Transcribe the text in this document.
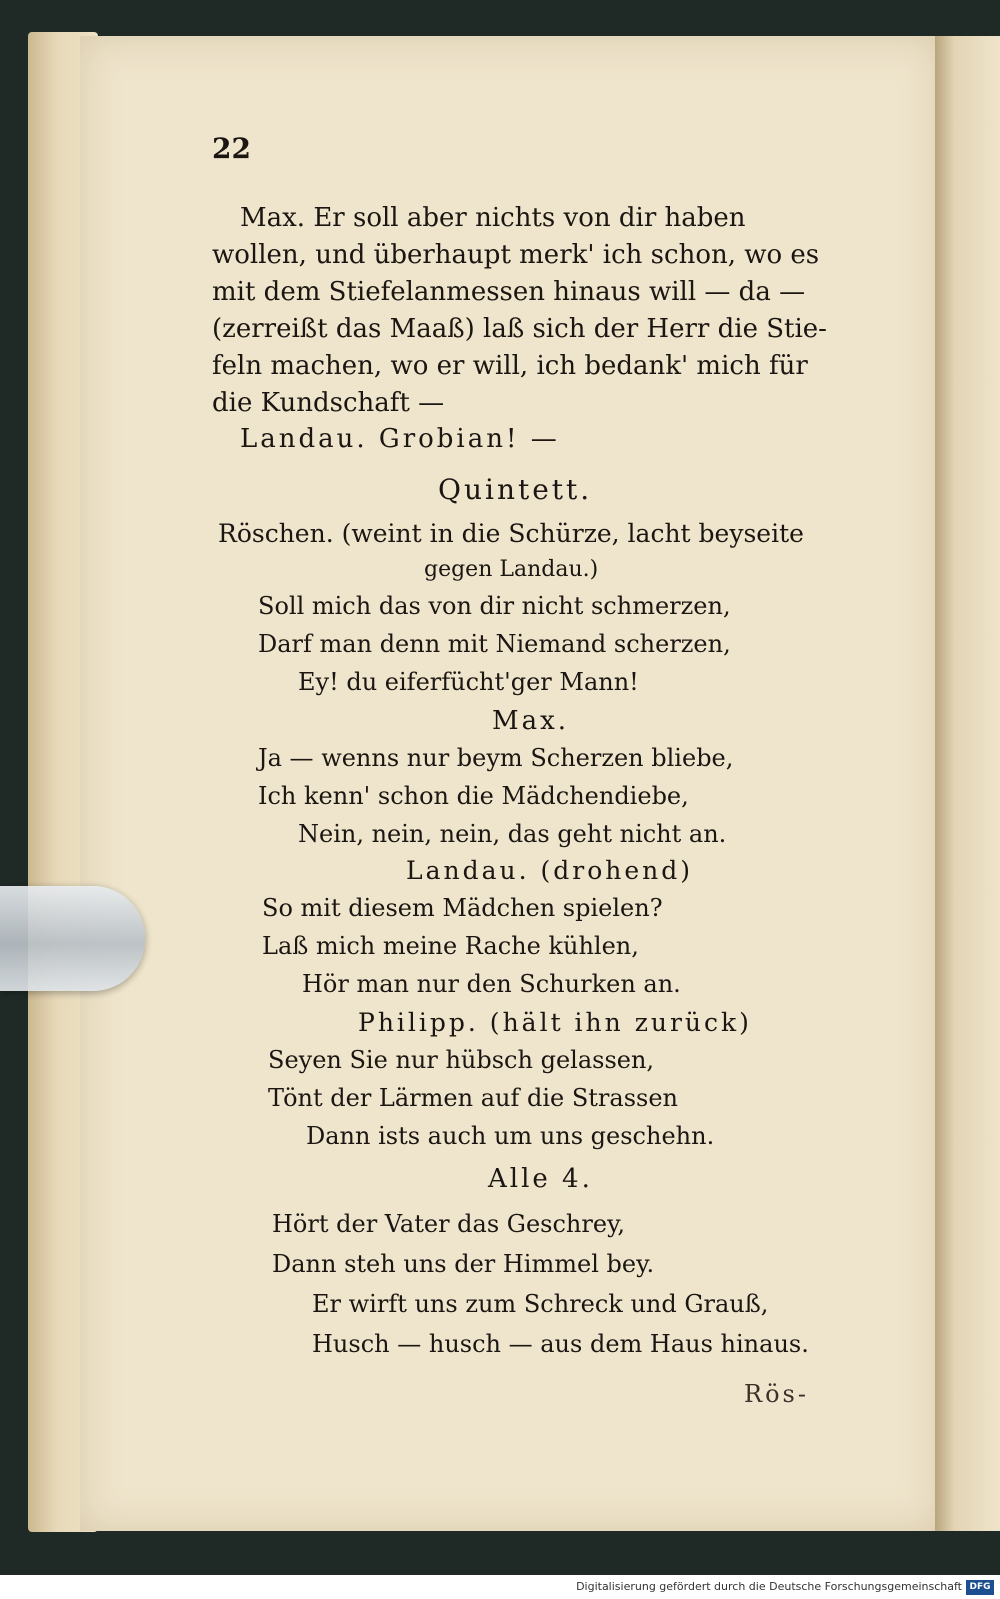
22
Max. Er soll aber nichts von dir haben
wollen, und überhaupt merk' ich schon, wo es
mit dem Stiefelanmessen hinaus will — da —
(zerreißt das Maaß) laß sich der Herr die Stie-
feln machen, wo er will, ich bedank' mich für
die Kundschaft —
Landau. Grobian! —
Quintett.
Röschen. (weint in die Schürze, lacht beyseite
gegen Landau.)
Soll mich das von dir nicht schmerzen,
Darf man denn mit Niemand scherzen,
Ey! du eiferfücht'ger Mann!
Max.
Ja — wenns nur beym Scherzen bliebe,
Ich kenn' schon die Mädchendiebe,
Nein, nein, nein, das geht nicht an.
Landau. (drohend)
So mit diesem Mädchen spielen?
Laß mich meine Rache kühlen,
Hör man nur den Schurken an.
Philipp. (hält ihn zurück)
Seyen Sie nur hübsch gelassen,
Tönt der Lärmen auf die Strassen
Dann ists auch um uns geschehn.
Alle 4.
Hört der Vater das Geschrey,
Dann steh uns der Himmel bey.
Er wirft uns zum Schreck und Grauß,
Husch — husch — aus dem Haus hinaus.
Rös-
Digitalisierung gefördert durch die Deutsche Forschungsgemeinschaft DFG
